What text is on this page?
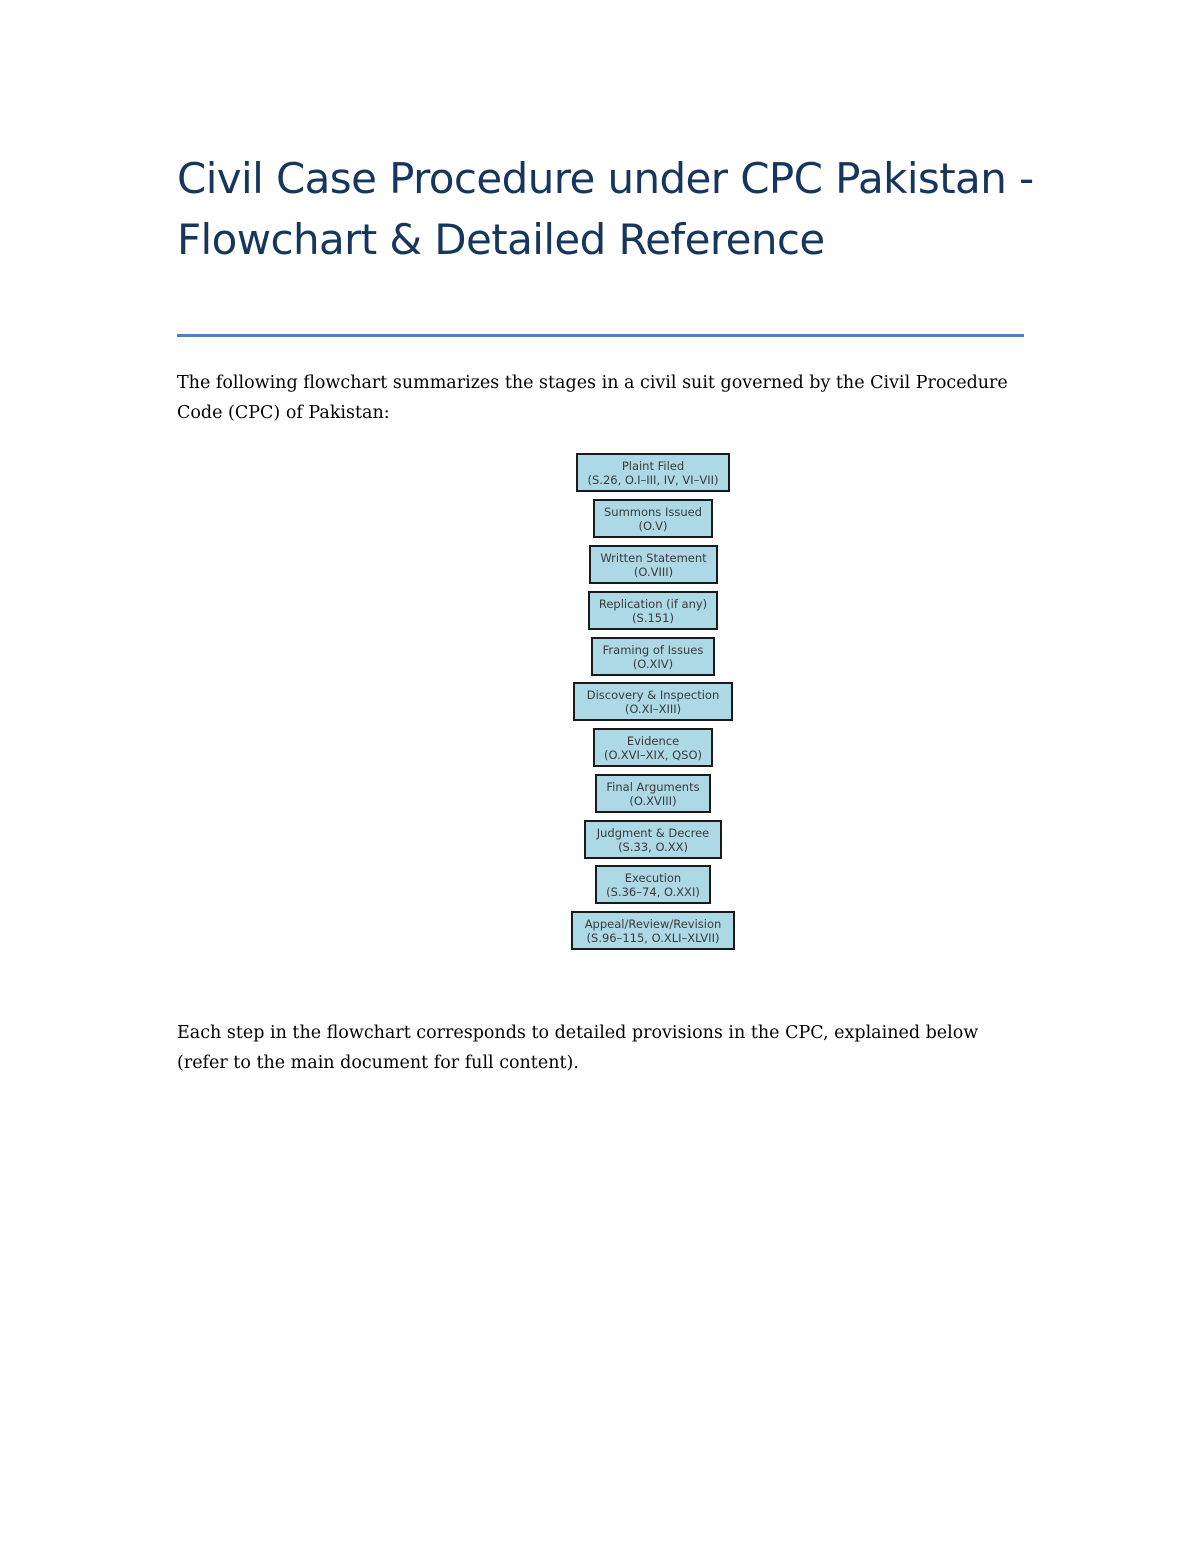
Civil Case Procedure under CPC Pakistan - Flowchart & Detailed Reference

The following flowchart summarizes the stages in a civil suit governed by the Civil Procedure Code (CPC) of Pakistan:

Plaint Filed
(S.26, O.I–III, IV, VI–VII)
Summons Issued
(O.V)
Written Statement
(O.VIII)
Replication (if any)
(S.151)
Framing of Issues
(O.XIV)
Discovery & Inspection
(O.XI–XIII)
Evidence
(O.XVI–XIX, QSO)
Final Arguments
(O.XVIII)
Judgment & Decree
(S.33, O.XX)
Execution
(S.36–74, O.XXI)
Appeal/Review/Revision
(S.96–115, O.XLI–XLVII)

Each step in the flowchart corresponds to detailed provisions in the CPC, explained below (refer to the main document for full content).
